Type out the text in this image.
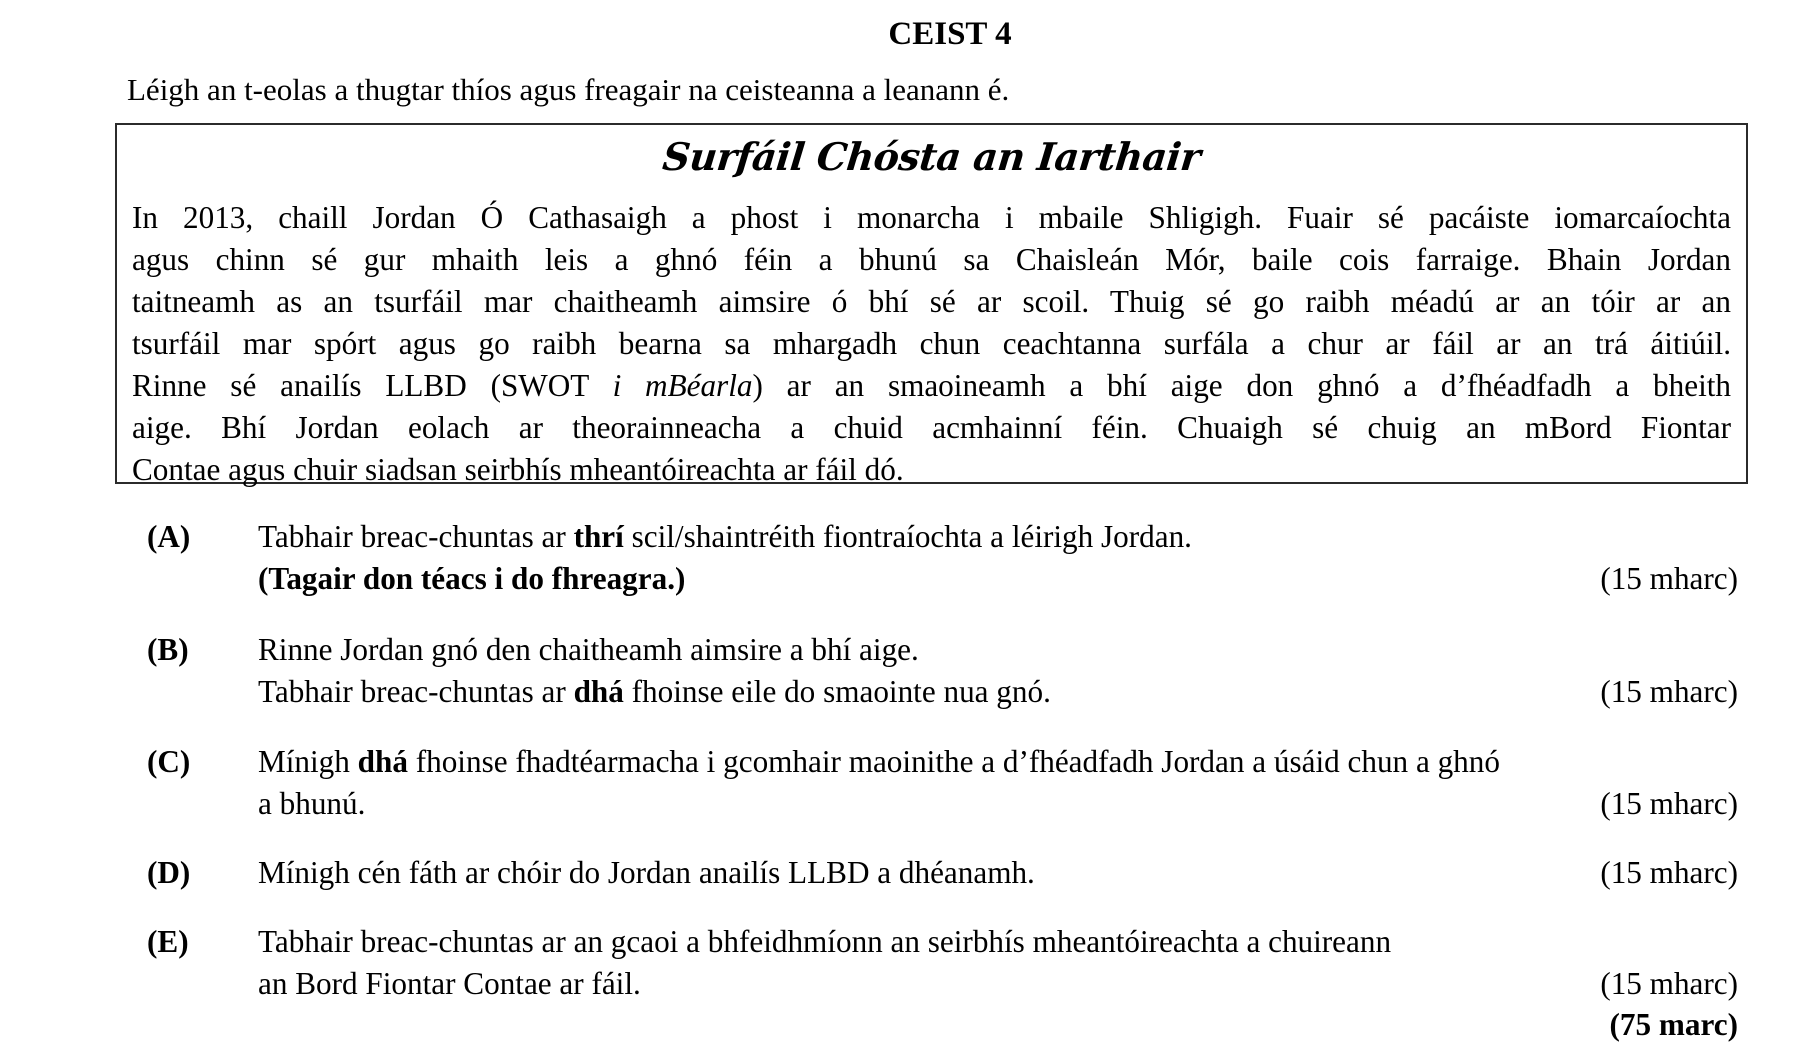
CEIST 4
Léigh an t-eolas a thugtar thíos agus freagair na ceisteanna a leanann é.
Surfáil Chósta an Iarthair
In 2013, chaill Jordan Ó Cathasaigh a phost i monarcha i mbaile Shligigh. Fuair sé pacáiste iomarcaíochta
agus chinn sé gur mhaith leis a ghnó féin a bhunú sa Chaisleán Mór, baile cois farraige. Bhain Jordan
taitneamh as an tsurfáil mar chaitheamh aimsire ó bhí sé ar scoil. Thuig sé go raibh méadú ar an tóir ar an
tsurfáil mar spórt agus go raibh bearna sa mhargadh chun ceachtanna surfála a chur ar fáil ar an trá áitiúil.
Rinne sé anailís LLBD (SWOT i mBéarla) ar an smaoineamh a bhí aige don ghnó a d’fhéadfadh a bheith
aige. Bhí Jordan eolach ar theorainneacha a chuid acmhainní féin. Chuaigh sé chuig an mBord Fiontar
Contae agus chuir siadsan seirbhís mheantóireachta ar fáil dó.
(A) Tabhair breac-chuntas ar thrí scil/shaintréith fiontraíochta a léirigh Jordan.
(Tagair don téacs i do fhreagra.)	(15 mharc)
(B) Rinne Jordan gnó den chaitheamh aimsire a bhí aige.
Tabhair breac-chuntas ar dhá fhoinse eile do smaointe nua gnó.	(15 mharc)
(C) Mínigh dhá fhoinse fhadtéarmacha i gcomhair maoinithe a d’fhéadfadh Jordan a úsáid chun a ghnó
a bhunú.	(15 mharc)
(D) Mínigh cén fáth ar chóir do Jordan anailís LLBD a dhéanamh.	(15 mharc)
(E) Tabhair breac-chuntas ar an gcaoi a bhfeidhmíonn an seirbhís mheantóireachta a chuireann
an Bord Fiontar Contae ar fáil.	(15 mharc)
(75 marc)
